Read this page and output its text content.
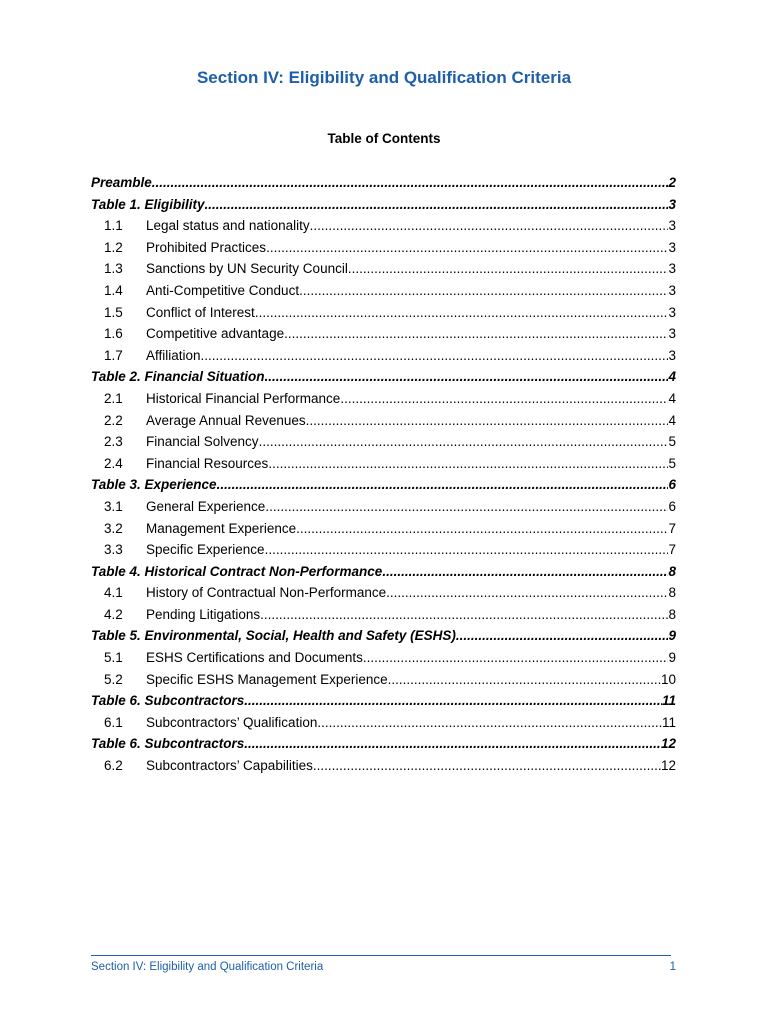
Section IV: Eligibility and Qualification Criteria
Table of Contents
Preamble .....	2
Table 1. Eligibility .....	3
1.1	Legal status and nationality .....	3
1.2	Prohibited Practices .....	3
1.3	Sanctions by UN Security Council .....	3
1.4	Anti-Competitive Conduct .....	3
1.5	Conflict of Interest .....	3
1.6	Competitive advantage .....	3
1.7	Affiliation .....	3
Table 2. Financial Situation .....	4
2.1	Historical Financial Performance .....	4
2.2	Average Annual Revenues .....	4
2.3	Financial Solvency .....	5
2.4	Financial Resources .....	5
Table 3. Experience .....	6
3.1	General Experience .....	6
3.2	Management Experience .....	7
3.3	Specific Experience .....	7
Table 4. Historical Contract Non-Performance .....	8
4.1	History of Contractual Non-Performance .....	8
4.2	Pending Litigations .....	8
Table 5. Environmental, Social, Health and Safety (ESHS) .....	9
5.1	ESHS Certifications and Documents .....	9
5.2	Specific ESHS Management Experience .....	10
Table 6. Subcontractors .....	11
6.1	Subcontractors’ Qualification .....	11
Table 6. Subcontractors .....	12
6.2	Subcontractors’ Capabilities .....	12
Section IV: Eligibility and Qualification Criteria	1
